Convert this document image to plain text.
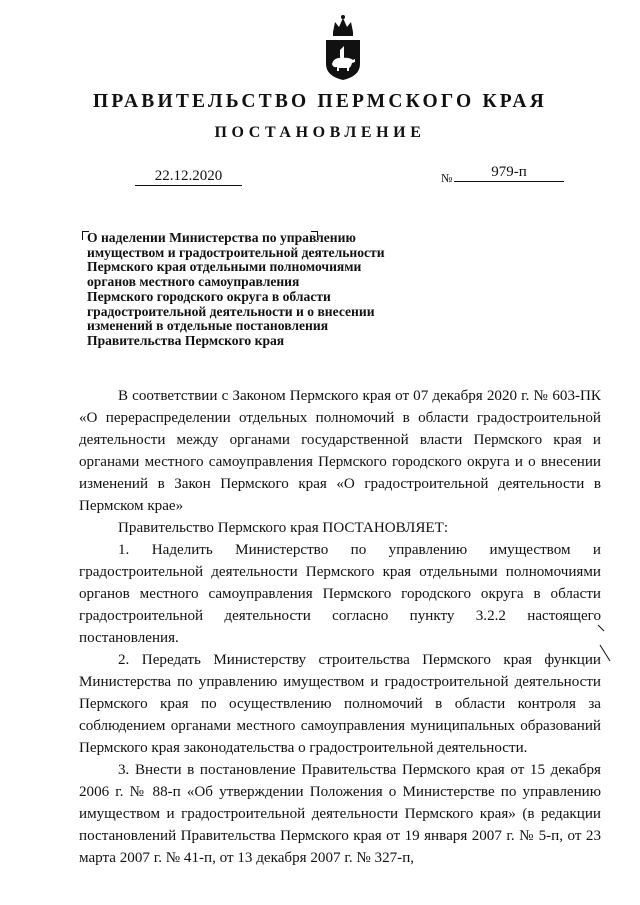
ПРАВИТЕЛЬСТВО ПЕРМСКОГО КРАЯ
ПОСТАНОВЛЕНИЕ
22.12.2020	№	979-п
О наделении Министерства по управлению
имуществом и градостроительной деятельности
Пермского края отдельными полномочиями
органов местного самоуправления
Пермского городского округа в области
градостроительной деятельности и о внесении
изменений в отдельные постановления
Правительства Пермского края

В соответствии с Законом Пермского края от 07 декабря 2020 г. № 603-ПК «О перераспределении отдельных полномочий в области градостроительной деятельности между органами государственной власти Пермского края и органами местного самоуправления Пермского городского округа и о внесении изменений в Закон Пермского края «О градостроительной деятельности в Пермском крае»

Правительство Пермского края ПОСТАНОВЛЯЕТ:

1. Наделить Министерство по управлению имуществом и градостроительной деятельности Пермского края отдельными полномочиями органов местного самоуправления Пермского городского округа в области градостроительной деятельности согласно пункту 3.2.2 настоящего постановления.

2. Передать Министерству строительства Пермского края функции Министерства по управлению имуществом и градостроительной деятельности Пермского края по осуществлению полномочий в области контроля за соблюдением органами местного самоуправления муниципальных образований Пермского края законодательства о градостроительной деятельности.

3. Внести в постановление Правительства Пермского края от 15 декабря 2006 г. № 88-п «Об утверждении Положения о Министерстве по управлению имуществом и градостроительной деятельности Пермского края» (в редакции постановлений Правительства Пермского края от 19 января 2007 г. № 5-п, от 23 марта 2007 г. № 41-п, от 13 декабря 2007 г. № 327-п,
